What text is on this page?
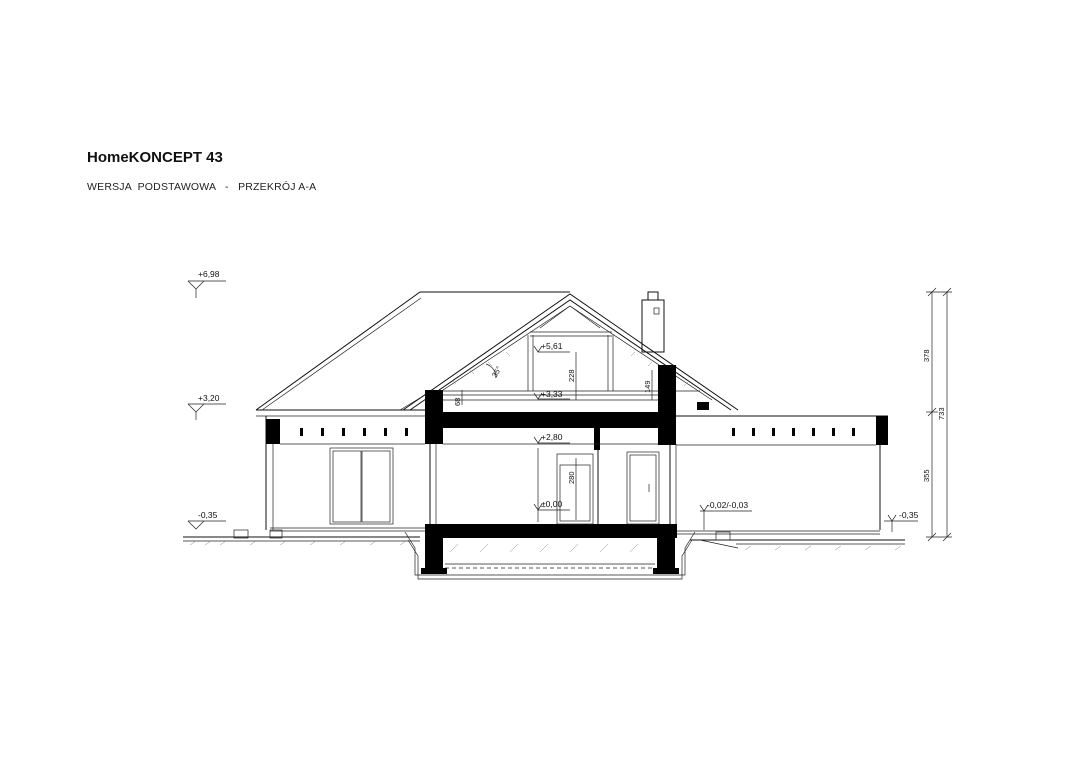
HomeKONCEPT 43
WERSJA  PODSTAWOWA - PRZEKRÓJ A-A
+6,98
+3,20
-0,35
378
733
355
+5,61
+3,33
+2,80
±0,00	-0,02/-0,03
-0,35
228
149
68
280
35°
